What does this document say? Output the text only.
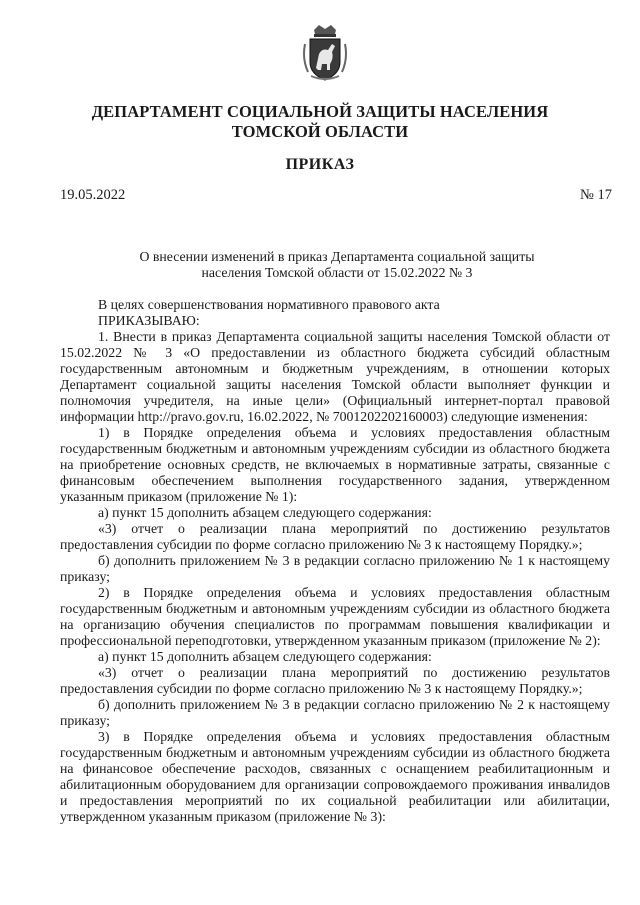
ДЕПАРТАМЕНТ СОЦИАЛЬНОЙ ЗАЩИТЫ НАСЕЛЕНИЯ
ТОМСКОЙ ОБЛАСТИ
ПРИКАЗ
19.05.2022	№ 17
О внесении изменений в приказ Департамента социальной защиты
населения Томской области от 15.02.2022 № 3

В целях совершенствования нормативного правового акта

ПРИКАЗЫВАЮ:

1. Внести в приказ Департамента социальной защиты населения Томской области от 15.02.2022 № 3 «О предоставлении из областного бюджета субсидий областным государственным автономным и бюджетным учреждениям, в отношении которых Департамент социальной защиты населения Томской области выполняет функции и полномочия учредителя, на иные цели» (Официальный интернет-портал правовой информации http://pravo.gov.ru, 16.02.2022, № 7001202202160003) следующие изменения:

1) в Порядке определения объема и условиях предоставления областным государственным бюджетным и автономным учреждениям субсидии из областного бюджета на приобретение основных средств, не включаемых в нормативные затраты, связанные с финансовым обеспечением выполнения государственного задания, утвержденном указанным приказом (приложение № 1):

а) пункт 15 дополнить абзацем следующего содержания:

«3) отчет о реализации плана мероприятий по достижению результатов предоставления субсидии по форме согласно приложению № 3 к настоящему Порядку.»;

б) дополнить приложением № 3 в редакции согласно приложению № 1 к настоящему приказу;

2) в Порядке определения объема и условиях предоставления областным государственным бюджетным и автономным учреждениям субсидии из областного бюджета на организацию обучения специалистов по программам повышения квалификации и профессиональной переподготовки, утвержденном указанным приказом (приложение № 2):

а) пункт 15 дополнить абзацем следующего содержания:

«3) отчет о реализации плана мероприятий по достижению результатов предоставления субсидии по форме согласно приложению № 3 к настоящему Порядку.»;

б) дополнить приложением № 3 в редакции согласно приложению № 2 к настоящему приказу;

3) в Порядке определения объема и условиях предоставления областным государственным бюджетным и автономным учреждениям субсидии из областного бюджета на финансовое обеспечение расходов, связанных с оснащением реабилитационным и абилитационным оборудованием для организации сопровождаемого проживания инвалидов и предоставления мероприятий по их социальной реабилитации или абилитации, утвержденном указанным приказом (приложение № 3):
